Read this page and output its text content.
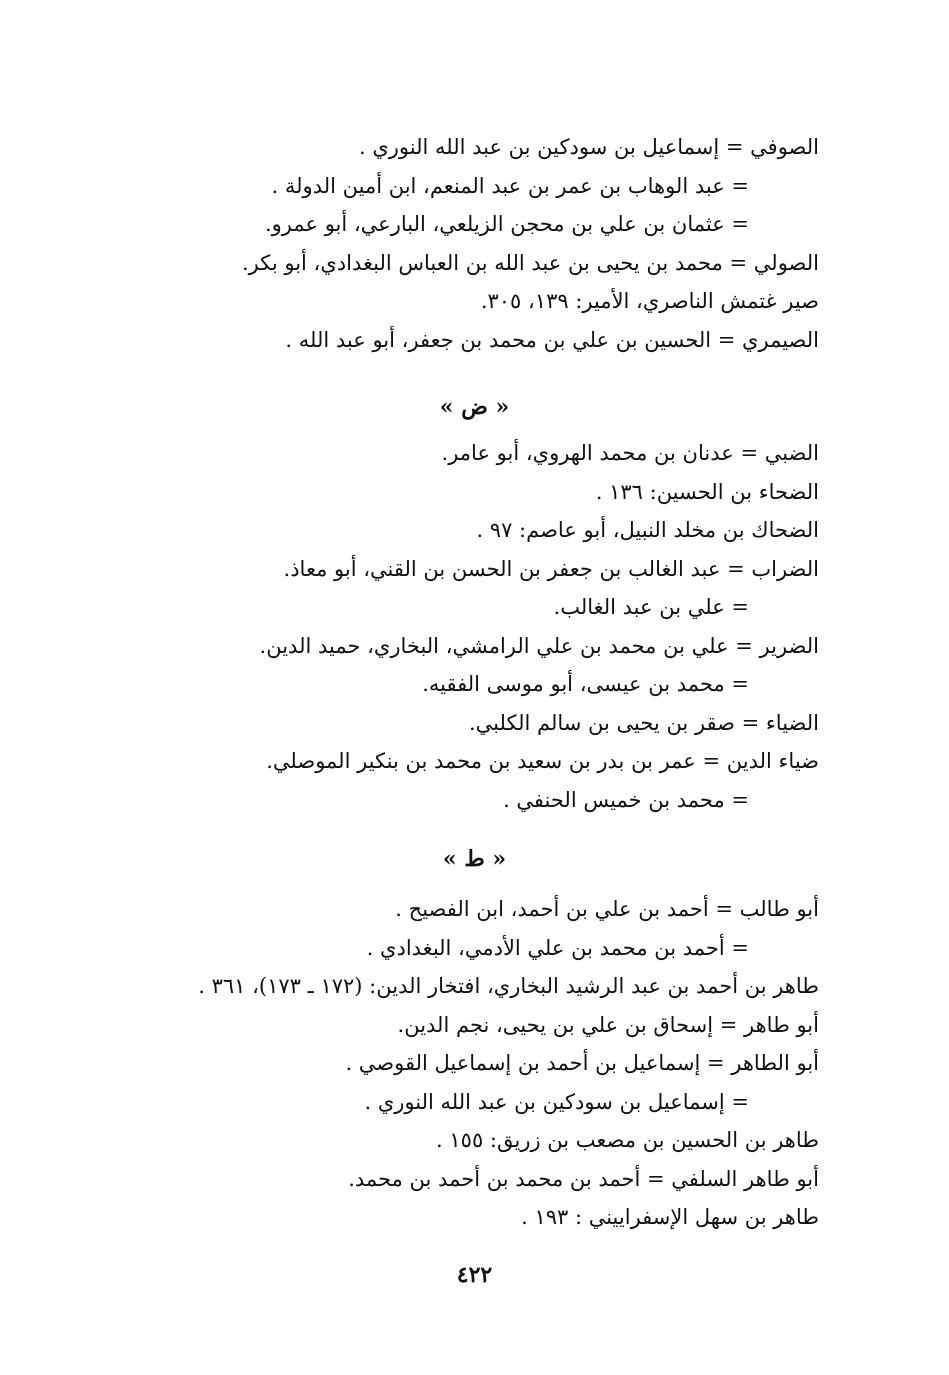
الصوفي = إسماعيل بن سودكين بن عبد الله النوري .
= عبد الوهاب بن عمر بن عبد المنعم، ابن أمين الدولة .
= عثمان بن علي بن محجن الزيلعي، البارعي، أبو عمرو.
الصولي = محمد بن يحيى بن عبد الله بن العباس البغدادي، أبو بكر.
صير غتمش الناصري، الأمير: ١٣٩، ٣٠٥.
الصيمري = الحسين بن علي بن محمد بن جعفر، أبو عبد الله .
« ض »
الضبي = عدنان بن محمد الهروي، أبو عامر.
الضحاء بن الحسين: ١٣٦ .
الضحاك بن مخلد النبيل، أبو عاصم: ٩٧ .
الضراب = عبد الغالب بن جعفر بن الحسن بن القني، أبو معاذ.
= علي بن عبد الغالب.
الضرير = علي بن محمد بن علي الرامشي، البخاري، حميد الدين.
= محمد بن عيسى، أبو موسى الفقيه.
الضياء = صقر بن يحيى بن سالم الكلبي.
ضياء الدين = عمر بن بدر بن سعيد بن محمد بن بنكير الموصلي.
= محمد بن خميس الحنفي .
« ط »
أبو طالب = أحمد بن علي بن أحمد، ابن الفصيح .
= أحمد بن محمد بن علي الأدمي، البغدادي .
طاهر بن أحمد بن عبد الرشيد البخاري، افتخار الدين: (١٧٢ ـ ١٧٣)، ٣٦١ .
أبو طاهر = إسحاق بن علي بن يحيى، نجم الدين.
أبو الطاهر = إسماعيل بن أحمد بن إسماعيل القوصي .
= إسماعيل بن سودكين بن عبد الله النوري .
طاهر بن الحسين بن مصعب بن زريق: ١٥٥ .
أبو طاهر السلفي = أحمد بن محمد بن أحمد بن محمد.
طاهر بن سهل الإسفراييني : ١٩٣ .
٤٢٢
